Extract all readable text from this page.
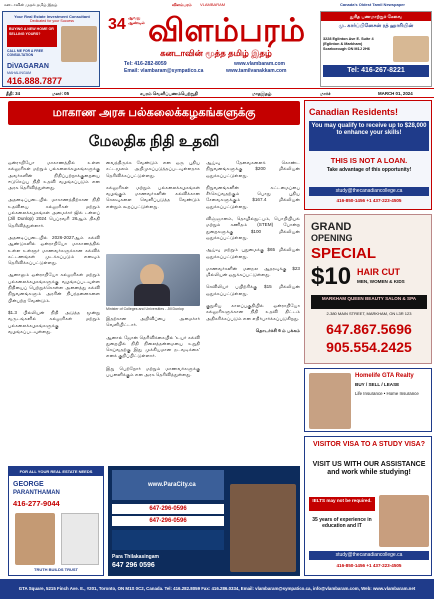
கனடாவின் முதல் தமிழ் இதழ்	விளம்பரம் VLAMBARAM	Canada's Oldest Tamil Newspaper
Your Real Estate Investment Consultant
Dedicated for your Success
BUYING A NEW HOME OR SELLING YOURS?
CALL ME FOR A FREE CONSULTATION
DiVAGARAN
MAHALINGAM
416.888.7877
34 ஆவது ஆண்டில் விளம்பரம்
கனடாவின் மூத்த தமிழ் இதழ்
Tel: 416-282-8059
Email: vlambaram@sympatico.ca
www.vlambaram.com
www.tamilvanakkam.com
துரித பணமாற்றுச் சேவை
மு. கார்ப்பினேசன் ரத் ஹாரியின்
3228 Eglinton Ave E. Suite 4
(Eglinton & Markham)
Scarborough ON M1J 2H6
Tel: 416-267-8221
தீதி: 34	மலர்: 05	சபரம் வெளிப்பணம்பெற்றுதி	மாதஇதழ்	மார்ச்	MARCH 01, 2024
மாகாண அரசு பல்கலைக்கழகங்களுக்கு
மேலதிக நிதி உதவி

ஒன்ராறியோ மாகாணத்தில் உள்ள கல்லூரிகள் மற்றும் பல்கலைக்கழகங்களுக்கு அவர்களின் நிதிப்பற்றாக்குறையை ஈடுசெய்ய நிதி உதவி வழங்கப்படும் என அரசு தெரிவித்துள்ளது.

அதனடிப்படையில் மாகாணத்திற்கான நிதி உதவியை கல்லூரிகள் மற்றும் பல்கலைக்கழகங்கள் அமைச்சர் ஜில் டன்லப் (Jill Dunlop) 2024 பெப்ரவரி 26ஆம் திகதி தெரிவித்துள்ளார்.

அதனடிப்படையில் 2026-2027ஆம் கல்வி ஆண்டுகளில் ஒன்ராறியோ மாகாணத்தில் உள்ள உள்ளூர் மாணவர்களுக்கான கல்விக் கட்டணங்கள் முடக்கப்படும் எனவும் தெரிவிக்கப்பட்டுள்ளது.

ஆனாலும் ஒன்ராறியோ கல்லூரிகள் மற்றும் பல்கலைக்கழகங்களுக்கு வழங்கப்படவுள்ள நிதியைப் பெற்றுக்கொள்ள அனைத்து கல்வி நிறுவனங்களும் அரசின் நிபந்தனைகளை பின்பற்ற வேண்டும்.

$1.3 பில்லியன் நிதி அடுத்த மூன்று வருடங்களில் கல்லூரிகள் மற்றும் பல்கலைக்கழகங்களுக்கு வழங்கப்படவுள்ளது.

வைத்திருக்க வேண்டும் என ஒரு புதிய சட்டமூலம் அறிமுகப்படுத்தப்படவுள்ளதாக தெரிவிக்கப்பட்டுள்ளது.

கல்லூரிகள் மற்றும் பல்கலைக்கழகங்கள் வழங்கும் மாணவர்களின் கல்விக்கான செலவுகளை வெளிப்படுத்த வேண்டும் என்றும் கூறப்பட்டுள்ளது.

Minister of Colleges and Universities - Jill Dunlop

இதற்கான அறிவிப்பை அமைச்சர் வெளியிட்டார்.

ஆனால் ஜோன் தெரிவிக்கையில் 'உயர் கல்வி துறையில் நிதி நிலைத்தன்மையை உறுதி செய்வதற்கு இது முக்கியமான நடவடிக்கை' எனக் குறிப்பிட்டுள்ளார்.

இது பெற்றோர் மற்றும் மாணவர்களுக்கு பயனளிக்கும் என அரசு தெரிவித்துள்ளது.

ஆய்வு தேவைகளைக் கொண்ட நிறுவனங்களுக்கு $200 மில்லியன் ஒதுக்கப்பட்டுள்ளது.

நிறுவனங்களின் கட்டமைப்பை சீர்செய்வதற்கும் பொது புதிய சேவைகளுக்கும் $167.4 மில்லியன் ஒதுக்கப்பட்டுள்ளது.

விஞ்ஞானம், தொழில்நுட்பம், பொறியியல் மற்றும் கணிதம் (STEM) போன்ற துறைகளுக்கு $100 மில்லியன் ஒதுக்கப்பட்டுள்ளது.

ஆய்வு மற்றும் புதுமைக்கு $65 மில்லியன் ஒதுக்கப்பட்டுள்ளது.

மாணவர்களின் மனநல ஆதரவுக்கு $23 மில்லியன் ஒதுக்கப்பட்டுள்ளது.

செவிலியர் பயிற்சிக்கு $15 மில்லியன் ஒதுக்கப்பட்டுள்ளது.

குறுகிய காலப்பகுதியில் ஒன்ராறியோ கல்லூரிகளுக்கான நிதி உதவி திட்டம் அதிகரிக்கப்படும் என எதிர்பார்க்கப்படுகிறது.

தொடர்ச்சி 6 ம் பக்கம்

FOR ALL YOUR REAL ESTATE NEEDS
GEORGE
PARANTHAMAN
416-277-9044
TRUTH BUILDS TRUST
www.ParaCity.ca
647-296-0596
647-296-0596
Para Thilakasingam
647 296 0596
Canadian Residents!
You may qualify to receive up to $28,000 to enhance your skills!
THIS IS NOT A LOAN.
Take advantage of this opportunity!
study@thecanadiancollege.ca
416-850-1456 +1 437-223-4505
GRAND
OPENING
SPECIAL
$10 HAIR CUT
MEN, WOMEN & KIDS
MARKHAM QUEEN BEAUTY SALON & SPA
2-380 MAIN STREET, MARKHAM, ON L3R 123
647.867.5696
905.554.2425
Homelife GTA Realty
BUY / SELL / LEASE
Life Insurance • Home Insurance
VISITOR VISA TO A STUDY VISA?
VISIT US WITH OUR ASSISTANCE and work while studying!
IELTS may not be required.
35 years of experience in education and IT
study@thecanadiancollege.ca
416-850-1456 +1 437-223-4505
GTA Square, 5215 Finch Ave. E., #201, Toronto, ON M1S 0C2, Canada. Tel: 416.282.8059 Fax: 416.286.0334, Email: vlambaram@sympatico.ca, info@vlambaram.com, Web: www.vlambaram.net
